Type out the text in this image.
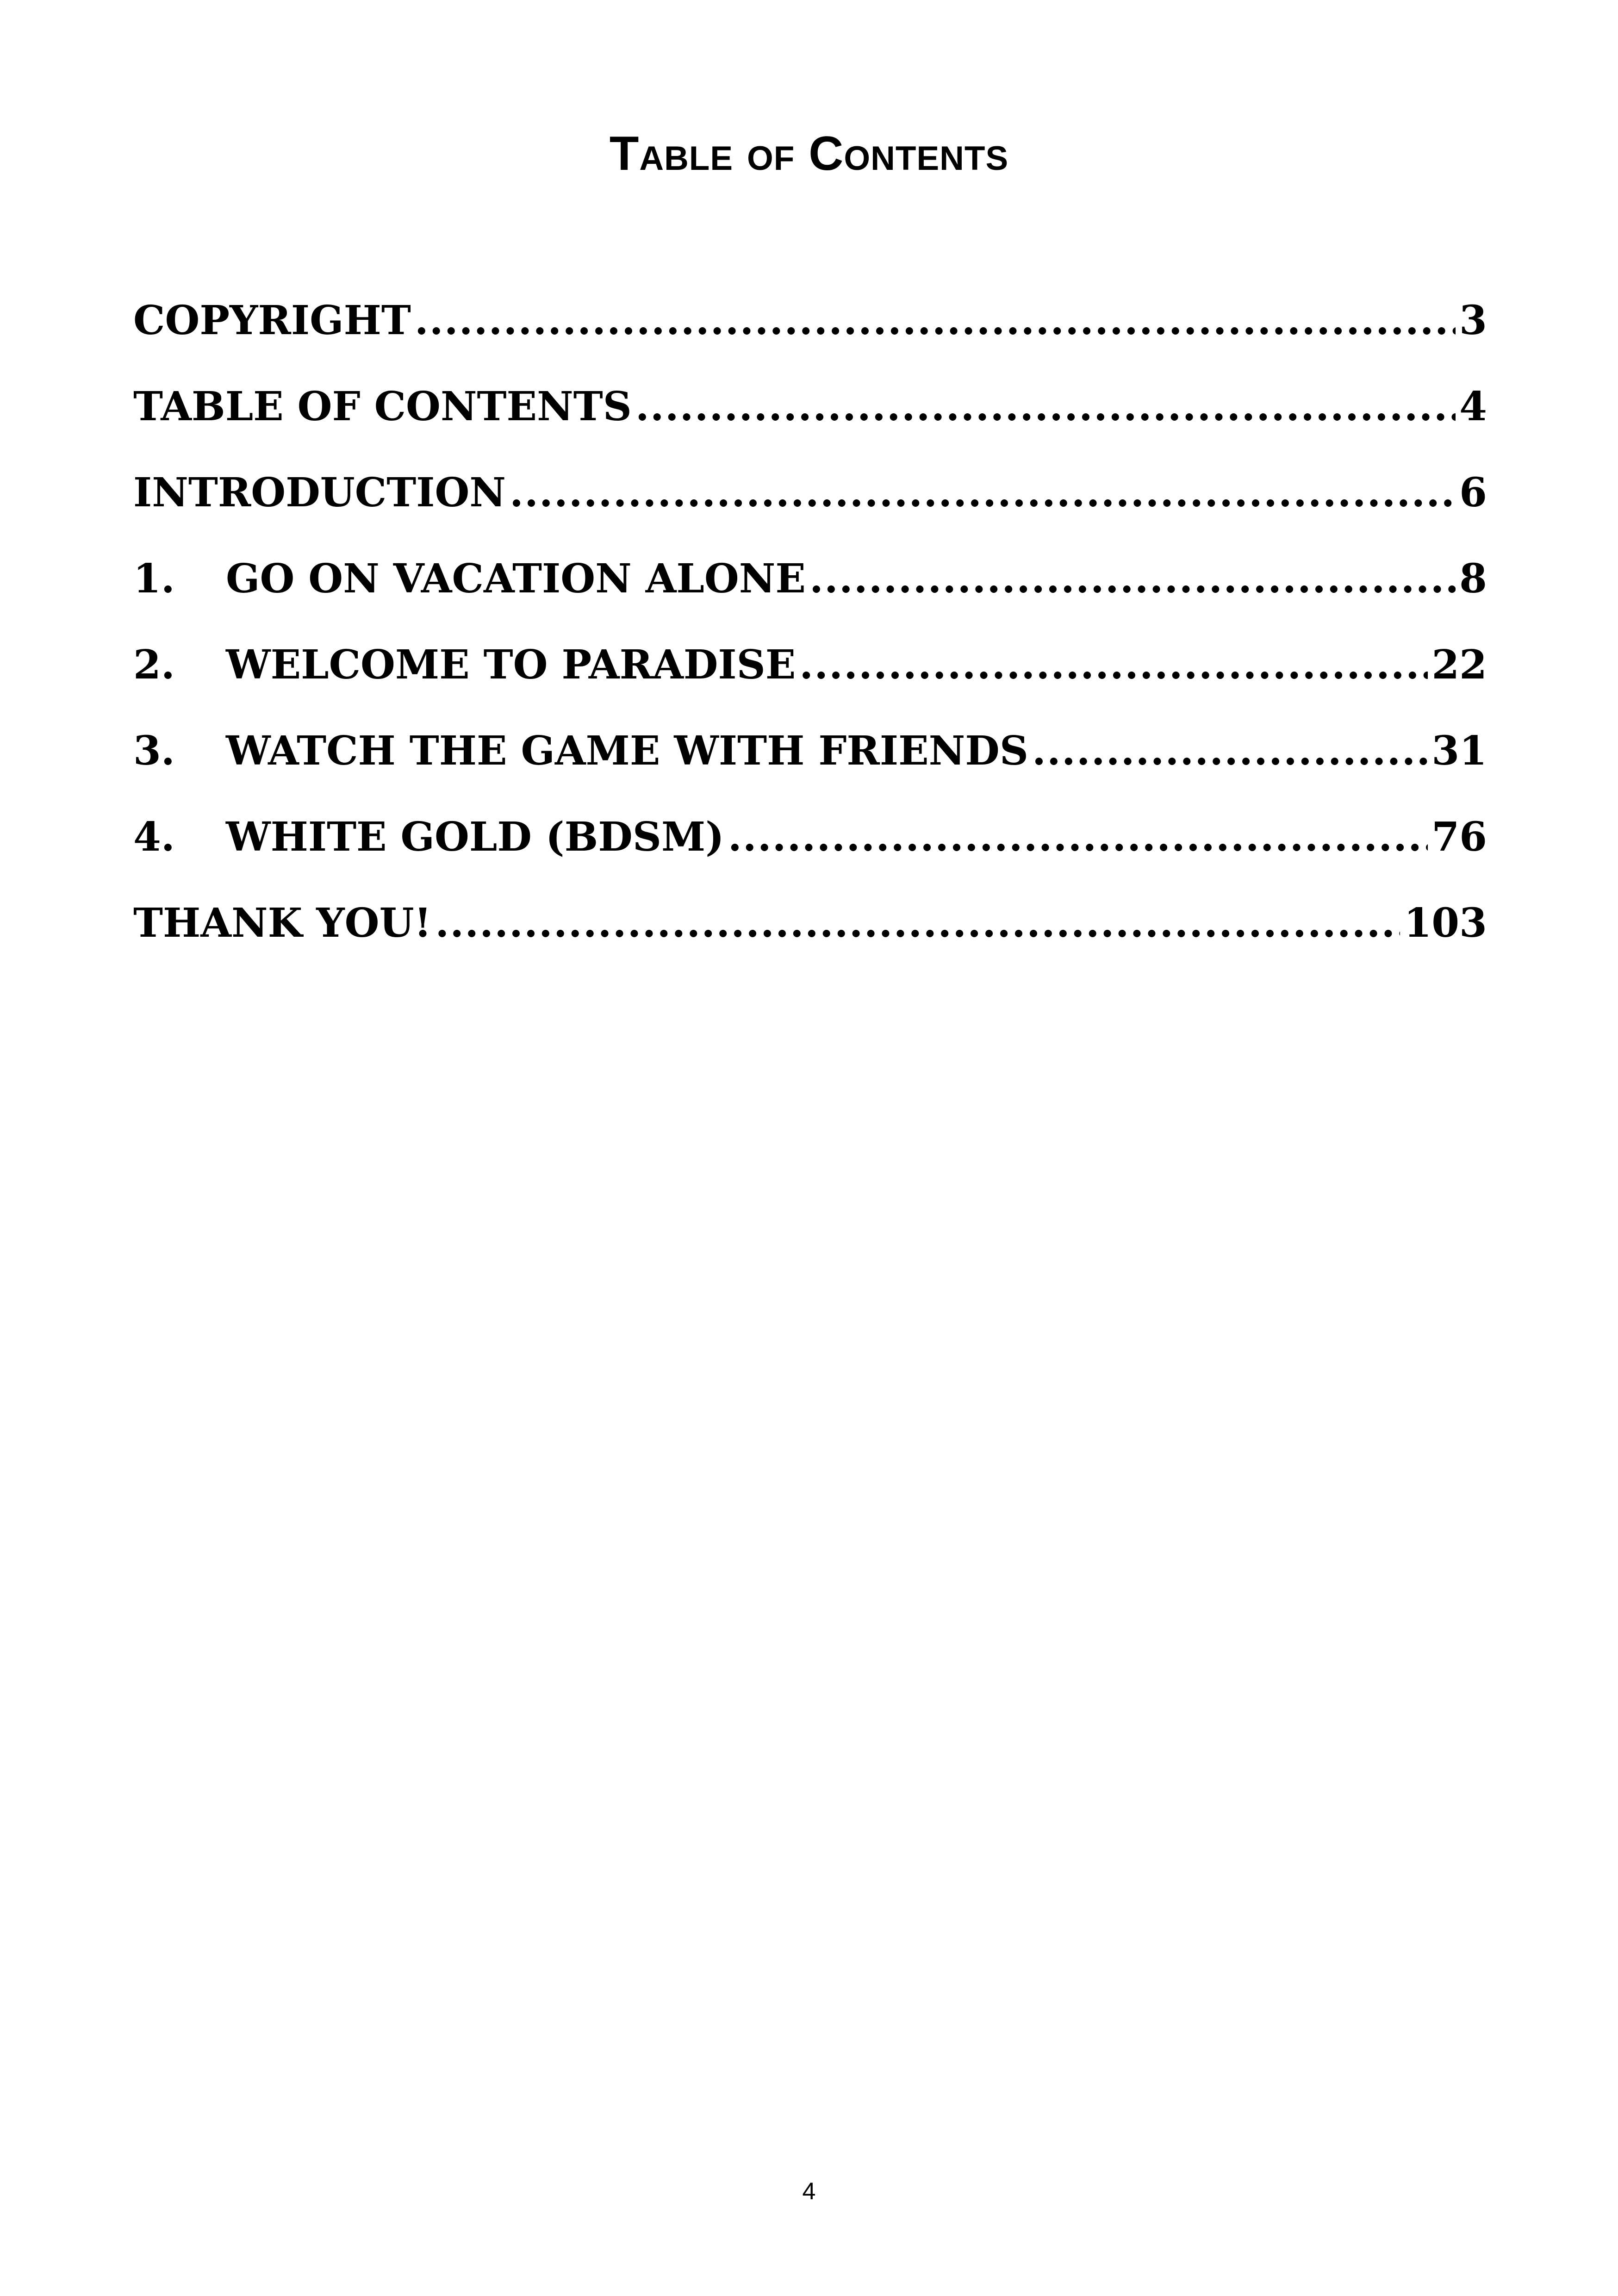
Table of Contents
COPYRIGHT .....	3
TABLE OF CONTENTS .....	4
INTRODUCTION .....	6
1.	GO ON VACATION ALONE .....	8
2.	WELCOME TO PARADISE .....	22
3.	WATCH THE GAME WITH FRIENDS .....	31
4.	WHITE GOLD (BDSM) .....	76
THANK YOU! .....	103
4
